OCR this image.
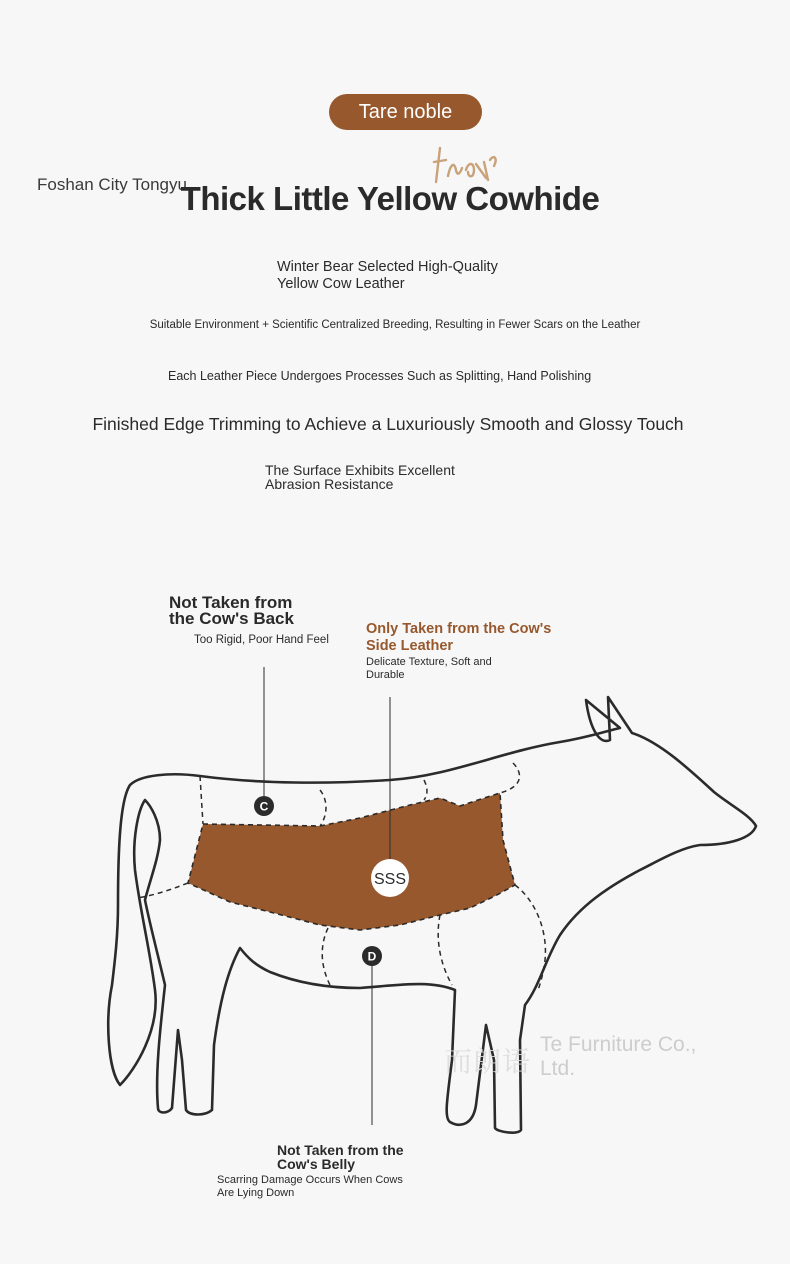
Tare noble
Foshan City Tongyu
Thick Little Yellow Cowhide
Winter Bear Selected High-Quality
Yellow Cow Leather
Suitable Environment + Scientific Centralized Breeding, Resulting in Fewer Scars on the Leather
Each Leather Piece Undergoes Processes Such as Splitting, Hand Polishing
Finished Edge Trimming to Achieve a Luxuriously Smooth and Glossy Touch
The Surface Exhibits Excellent
Abrasion Resistance
Not Taken from
the Cow's Back
Too Rigid, Poor Hand Feel
Only Taken from the Cow's
Side Leather
Delicate Texture, Soft and
Durable
Not Taken from the
Cow's Belly
Scarring Damage Occurs When Cows
Are Lying Down
C
SSS
D
而朗语
Te Furniture Co.,
Ltd.
